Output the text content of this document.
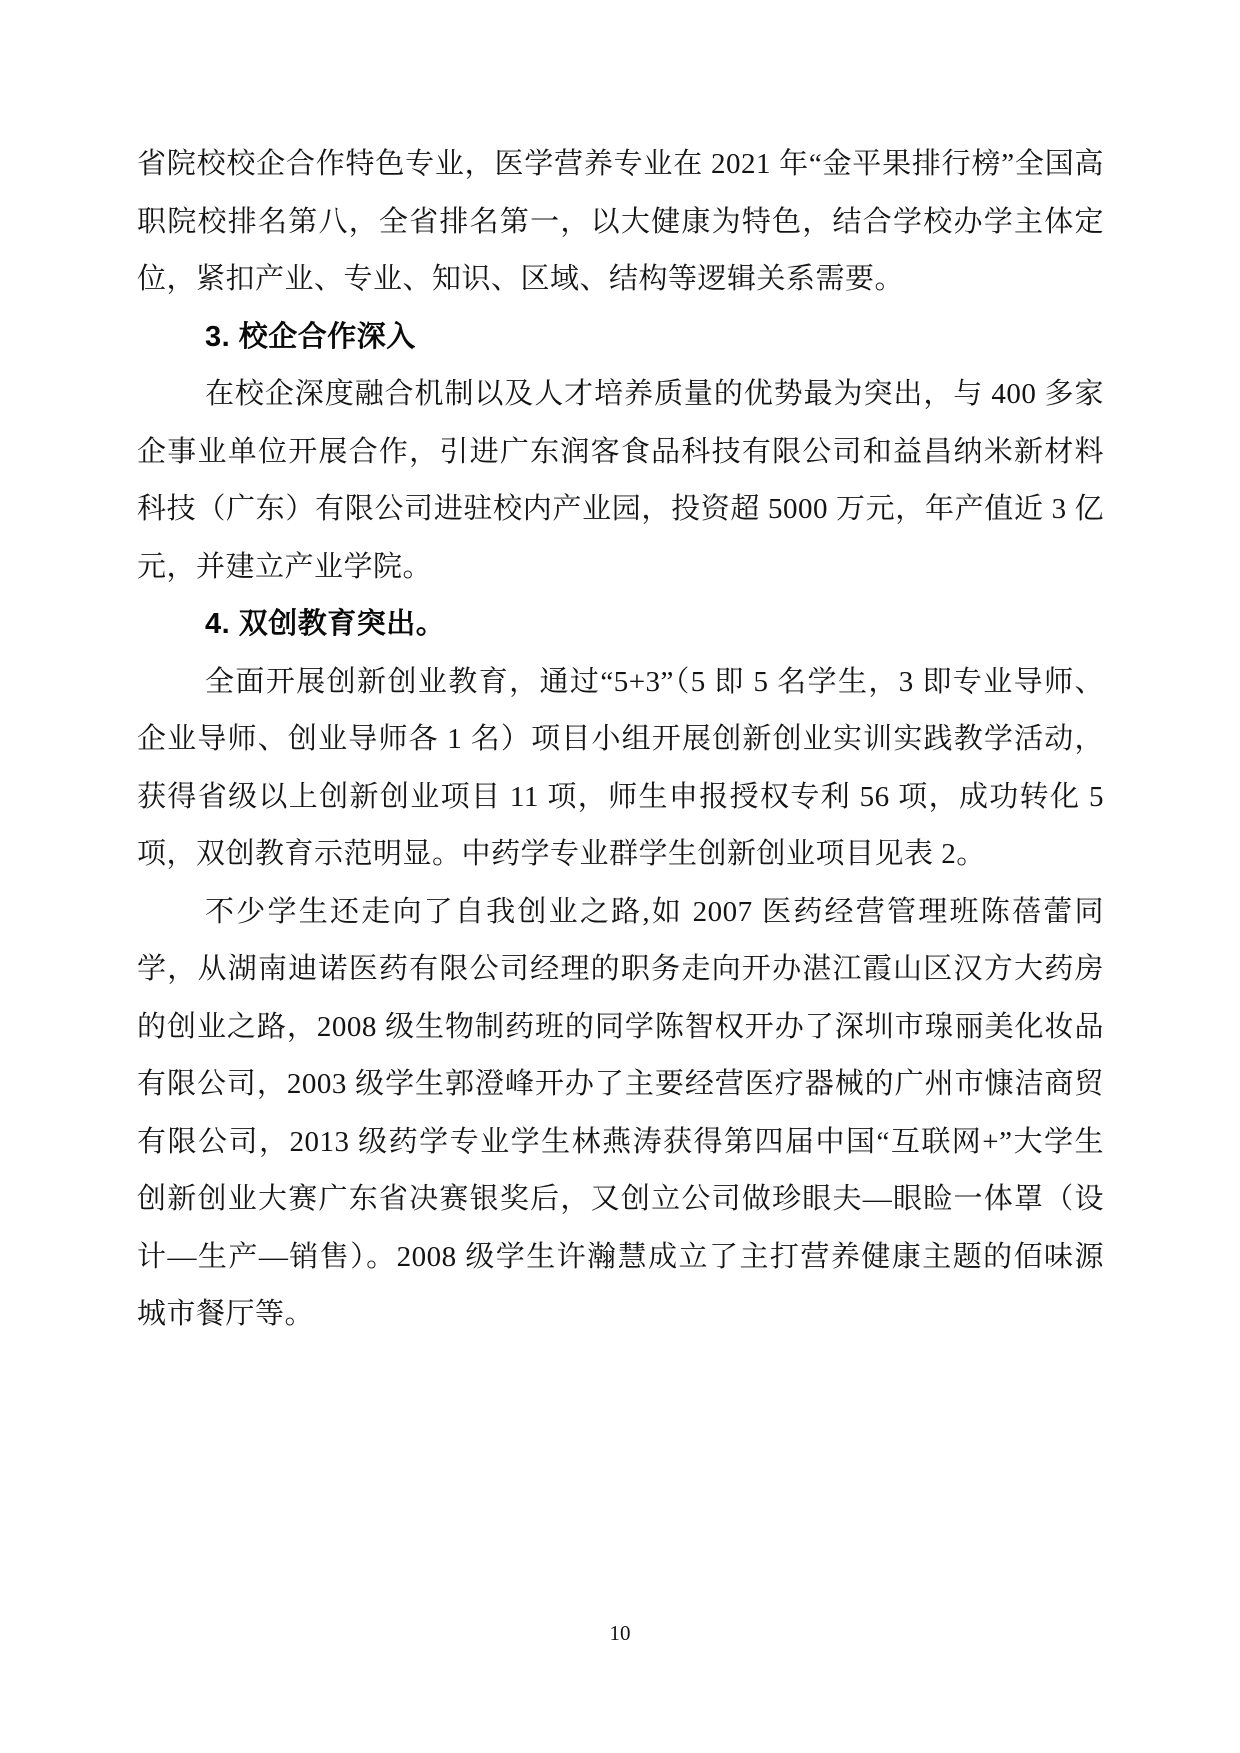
省院校校企合作特色专业，医学营养专业在 2021 年“金平果排行榜”全国高职院校排名第八，全省排名第一，以大健康为特色，结合学校办学主体定位，紧扣产业、专业、知识、区域、结构等逻辑关系需要。

3. 校企合作深入

在校企深度融合机制以及人才培养质量的优势最为突出，与 400 多家企事业单位开展合作，引进广东润客食品科技有限公司和益昌纳米新材料科技（广东）有限公司进驻校内产业园，投资超 5000 万元，年产值近 3 亿元，并建立产业学院。

4. 双创教育突出。

全面开展创新创业教育，通过“5+3”（5 即 5 名学生，3 即专业导师、企业导师、创业导师各 1 名）项目小组开展创新创业实训实践教学活动，获得省级以上创新创业项目 11 项，师生申报授权专利 56 项，成功转化 5 项，双创教育示范明显。中药学专业群学生创新创业项目见表 2。

不少学生还走向了自我创业之路,如 2007 医药经营管理班陈蓓蕾同学，从湖南迪诺医药有限公司经理的职务走向开办湛江霞山区汉方大药房的创业之路，2008 级生物制药班的同学陈智权开办了深圳市瑔丽美化妆品有限公司，2003 级学生郭澄峰开办了主要经营医疗器械的广州市慷洁商贸有限公司，2013 级药学专业学生林燕涛获得第四届中国“互联网+”大学生 创新创业大赛广东省决赛银奖后，又创立公司做珍眼夫—眼睑一体罩（设计—生产—销售）。2008 级学生许瀚慧成立了主打营养健康主题的佰味源城市餐厅等。

10
